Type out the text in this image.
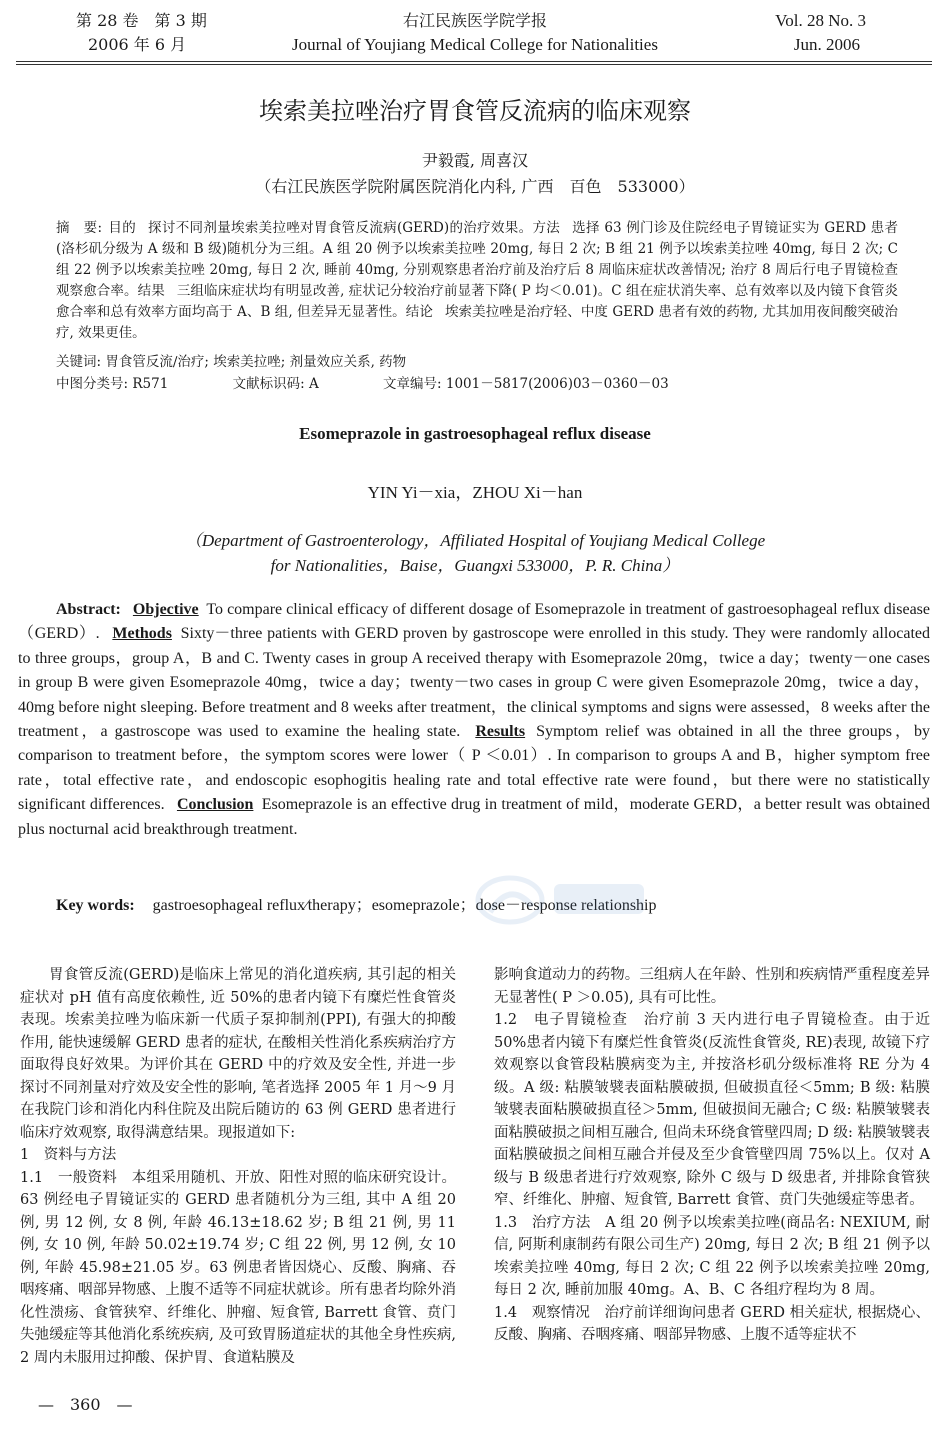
第 28 卷　第 3 期
2006 年 6 月
右江民族医学院学报
Journal of Youjiang Medical College for Nationalities
Vol. 28 No. 3
Jun. 2006
埃索美拉唑治疗胃食管反流病的临床观察
尹毅霞, 周喜汉
（右江民族医学院附属医院消化内科, 广西　百色　533000）
摘　要: 目的 探讨不同剂量埃索美拉唑对胃食管反流病(GERD)的治疗效果。方法 选择 63 例门诊及住院经电子胃镜证实为 GERD 患者(洛杉矶分级为 A 级和 B 级)随机分为三组。A 组 20 例予以埃索美拉唑 20mg, 每日 2 次; B 组 21 例予以埃索美拉唑 40mg, 每日 2 次; C 组 22 例予以埃索美拉唑 20mg, 每日 2 次, 睡前 40mg, 分别观察患者治疗前及治疗后 8 周临床症状改善情况; 治疗 8 周后行电子胃镜检查观察愈合率。结果 三组临床症状均有明显改善, 症状记分较治疗前显著下降( P 均＜0.01)。C 组在症状消失率、总有效率以及内镜下食管炎愈合率和总有效率方面均高于 A、B 组, 但差异无显著性。结论 埃索美拉唑是治疗轻、中度 GERD 患者有效的药物, 尤其加用夜间酸突破治疗, 效果更佳。
关键词: 胃食管反流∕治疗; 埃索美拉唑; 剂量效应关系, 药物
中图分类号: R571	文献标识码: A	文章编号: 1001－5817(2006)03－0360－03
Esomeprazole in gastroesophageal reflux disease
YIN Yi－xia，ZHOU Xi－han
（Department of Gastroenterology，Affiliated Hospital of Youjiang Medical College
for Nationalities，Baise，Guangxi 533000，P. R. China）
Abstract: Objective To compare clinical efficacy of different dosage of Esomeprazole in treatment of gastroesophageal reflux disease（GERD）. Methods Sixty－three patients with GERD proven by gastroscope were enrolled in this study. They were randomly allocated to three groups，group A，B and C. Twenty cases in group A received therapy with Esomeprazole 20mg，twice a day；twenty－one cases in group B were given Esomeprazole 40mg，twice a day；twenty－two cases in group C were given Esomeprazole 20mg，twice a day，40mg before night sleeping. Before treatment and 8 weeks after treatment，the clinical symptoms and signs were assessed，8 weeks after the treatment，a gastroscope was used to examine the healing state. Results Symptom relief was obtained in all the three groups，by comparison to treatment before，the symptom scores were lower（ P ＜0.01）. In comparison to groups A and B，higher symptom free rate，total effective rate，and endoscopic esophogitis healing rate and total effective rate were found，but there were no statistically significant differences. Conclusion Esomeprazole is an effective drug in treatment of mild，moderate GERD，a better result was obtained plus nocturnal acid breakthrough treatment.
Key words: gastroesophageal reflux∕therapy；esomeprazole；dose－response relationship

胃食管反流(GERD)是临床上常见的消化道疾病, 其引起的相关症状对 pH 值有高度依赖性, 近 50%的患者内镜下有糜烂性食管炎表现。埃索美拉唑为临床新一代质子泵抑制剂(PPI), 有强大的抑酸作用, 能快速缓解 GERD 患者的症状, 在酸相关性消化系疾病治疗方面取得良好效果。为评价其在 GERD 中的疗效及安全性, 并进一步探讨不同剂量对疗效及安全性的影响, 笔者选择 2005 年 1 月～9 月在我院门诊和消化内科住院及出院后随访的 63 例 GERD 患者进行临床疗效观察, 取得满意结果。现报道如下:

1　资料与方法

1.1　一般资料　本组采用随机、开放、阳性对照的临床研究设计。63 例经电子胃镜证实的 GERD 患者随机分为三组, 其中 A 组 20 例, 男 12 例, 女 8 例, 年龄 46.13±18.62 岁; B 组 21 例, 男 11 例, 女 10 例, 年龄 50.02±19.74 岁; C 组 22 例, 男 12 例, 女 10 例, 年龄 45.98±21.05 岁。63 例患者皆因烧心、反酸、胸痛、吞咽疼痛、咽部异物感、上腹不适等不同症状就诊。所有患者均除外消化性溃疡、食管狭窄、纤维化、肿瘤、短食管, Barrett 食管、贲门失弛缓症等其他消化系统疾病, 及可致胃肠道症状的其他全身性疾病, 2 周内未服用过抑酸、保护胃、食道粘膜及

影响食道动力的药物。三组病人在年龄、性别和疾病情严重程度差异无显著性( P ＞0.05), 具有可比性。

1.2　电子胃镜检查　治疗前 3 天内进行电子胃镜检查。由于近 50%患者内镜下有糜烂性食管炎(反流性食管炎, RE)表现, 故镜下疗效观察以食管段粘膜病变为主, 并按洛杉矶分级标准将 RE 分为 4 级。A 级: 粘膜皱襞表面粘膜破损, 但破损直径＜5mm; B 级: 粘膜皱襞表面粘膜破损直径＞5mm, 但破损间无融合; C 级: 粘膜皱襞表面粘膜破损之间相互融合, 但尚未环绕食管壁四周; D 级: 粘膜皱襞表面粘膜破损之间相互融合并侵及至少食管壁四周 75%以上。仅对 A 级与 B 级患者进行疗效观察, 除外 C 级与 D 级患者, 并排除食管狭窄、纤维化、肿瘤、短食管, Barrett 食管、贲门失弛缓症等患者。

1.3　治疗方法　A 组 20 例予以埃索美拉唑(商品名: NEXIUM, 耐信, 阿斯利康制药有限公司生产) 20mg, 每日 2 次; B 组 21 例予以埃索美拉唑 40mg, 每日 2 次; C 组 22 例予以埃索美拉唑 20mg, 每日 2 次, 睡前加服 40mg。A、B、C 各组疗程均为 8 周。

1.4　观察情况　治疗前详细询问患者 GERD 相关症状, 根据烧心、反酸、胸痛、吞咽疼痛、咽部异物感、上腹不适等症状不

—　360　—
